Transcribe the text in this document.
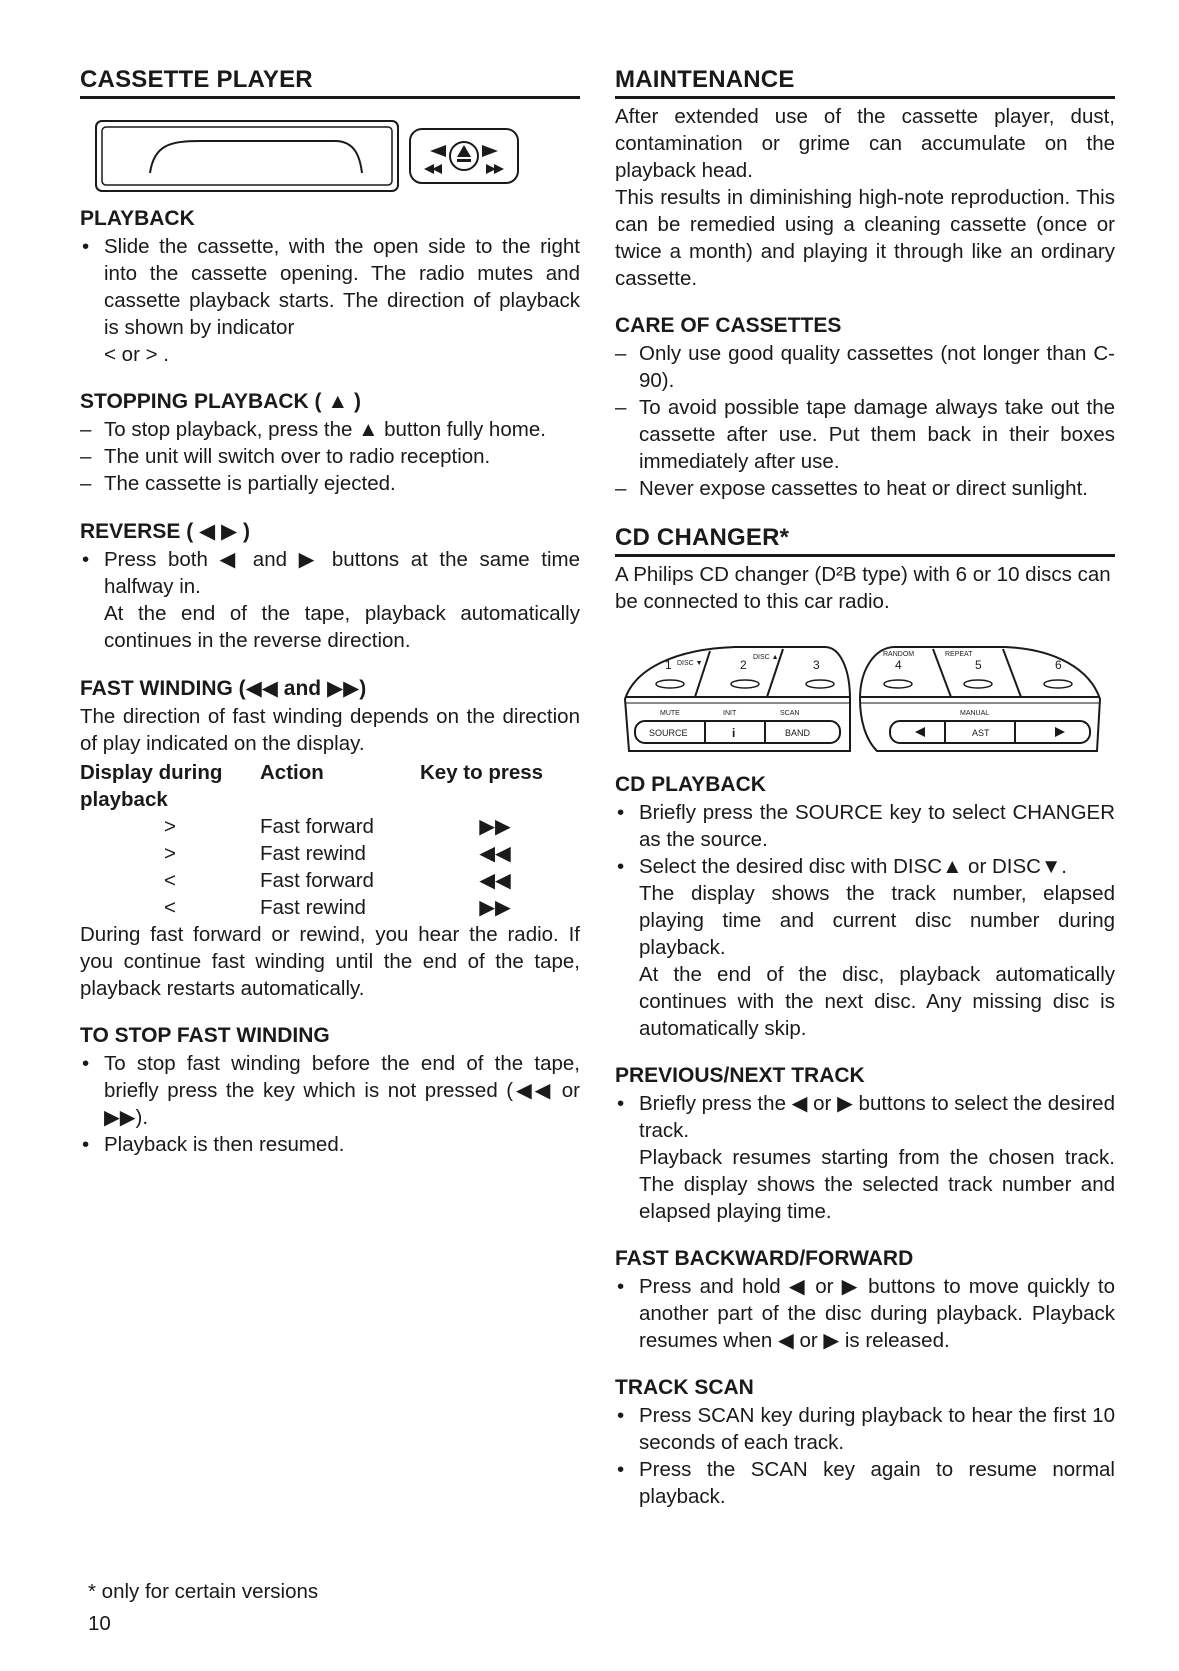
CASSETTE PLAYER
PLAYBACK
• Slide the cassette, with the open side to the right into the cassette opening. The radio mutes and cassette playback starts. The direction of playback is shown by indicator
< or > .
STOPPING PLAYBACK ( ▲ )
– To stop playback, press the ▲ button fully home.
– The unit will switch over to radio reception.
– The cassette is partially ejected.
REVERSE ( ◀ ▶ )
• Press both ◀ and ▶ buttons at the same time halfway in.
At the end of the tape, playback automatically continues in the reverse direction.
FAST WINDING (◀◀ and ▶▶)

The direction of fast winding depends on the direction of play indicated on the display.

Display during playback	Action	Key to press
>	Fast forward	▶▶
>	Fast rewind	◀◀
<	Fast forward	◀◀
<	Fast rewind	▶▶

During fast forward or rewind, you hear the radio. If you continue fast winding until the end of the tape, playback restarts automatically.

TO STOP FAST WINDING
• To stop fast winding before the end of the tape, briefly press the key which is not pressed (◀◀ or ▶▶).
• Playback is then resumed.
MAINTENANCE

After extended use of the cassette player, dust, contamination or grime can accumulate on the playback head.

This results in diminishing high-note reproduction. This can be remedied using a cleaning cassette (once or twice a month) and playing it through like an ordinary cassette.

CARE OF CASSETTES
– Only use good quality cassettes (not longer than C-90).
– To avoid possible tape damage always take out the cassette after use. Put them back in their boxes immediately after use.
– Never expose cassettes to heat or direct sunlight.
CD CHANGER*

A Philips CD changer (D²B type) with 6 or 10 discs can be connected to this car radio.

1 DISC ▼	2
DISC ▲
3
MUTE	INIT	SCAN
SOURCE	i	BAND
RANDOM	REPEAT
4	5	6
MANUAL
AST
CD PLAYBACK
• Briefly press the SOURCE key to select CHANGER as the source.
• Select the desired disc with DISC▲ or DISC▼.
The display shows the track number, elapsed playing time and current disc number during playback.
At the end of the disc, playback automatically continues with the next disc. Any missing disc is automatically skip.
PREVIOUS/NEXT TRACK
• Briefly press the ◀ or ▶ buttons to select the desired track.
Playback resumes starting from the chosen track. The display shows the selected track number and elapsed playing time.
FAST BACKWARD/FORWARD
• Press and hold ◀ or ▶ buttons to move quickly to another part of the disc during playback. Playback resumes when ◀ or ▶ is released.
TRACK SCAN
• Press SCAN key during playback to hear the first 10 seconds of each track.
• Press the SCAN key again to resume normal playback.
* only for certain versions
10
